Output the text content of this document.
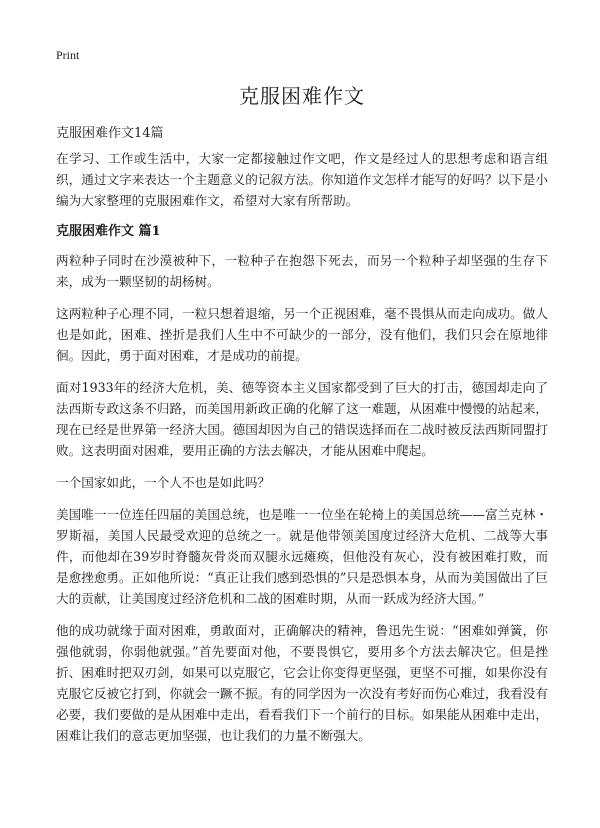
Print
克服困难作文

克服困难作文14篇

在学习、工作或生活中，大家一定都接触过作文吧，作文是经过人的思想考虑和语言组织，通过文字来表达一个主题意义的记叙方法。你知道作文怎样才能写的好吗？以下是小编为大家整理的克服困难作文，希望对大家有所帮助。

克服困难作文 篇1

两粒种子同时在沙漠被种下，一粒种子在抱怨下死去，而另一个粒种子却坚强的生存下来，成为一颗坚韧的胡杨树。

这两粒种子心理不同，一粒只想着退缩，另一个正视困难，毫不畏惧从而走向成功。做人也是如此，困难、挫折是我们人生中不可缺少的一部分，没有他们，我们只会在原地徘徊。因此，勇于面对困难，才是成功的前提。

面对1933年的经济大危机，美、德等资本主义国家都受到了巨大的打击，德国却走向了法西斯专政这条不归路，而美国用新政正确的化解了这一难题，从困难中慢慢的站起来，现在已经是世界第一经济大国。德国却因为自己的错误选择而在二战时被反法西斯同盟打败。这表明面对困难，要用正确的方法去解决，才能从困难中爬起。

一个国家如此，一个人不也是如此吗？

美国唯一一位连任四届的美国总统，也是唯一一位坐在轮椅上的美国总统——富兰克林・罗斯福，美国人民最受欢迎的总统之一。就是他带领美国度过经济大危机、二战等大事件，而他却在39岁时脊髓灰骨炎而双腿永远瘫痪，但他没有灰心，没有被困难打败，而是愈挫愈勇。正如他所说：“真正让我们感到恐惧的”只是恐惧本身，从而为美国做出了巨大的贡献，让美国度过经济危机和二战的困难时期，从而一跃成为经济大国。”

他的成功就缘于面对困难，勇敢面对，正确解决的精神，鲁迅先生说：“困难如弹簧，你强他就弱，你弱他就强。”首先要面对他，不要畏惧它，要用多个方法去解决它。但是挫折、困难时把双刃剑，如果可以克服它，它会让你变得更坚强，更坚不可摧，如果你没有克服它反被它打到，你就会一蹶不振。有的同学因为一次没有考好而伤心难过，我看没有必要，我们要做的是从困难中走出，看看我们下一个前行的目标。如果能从困难中走出，困难让我们的意志更加坚强，也让我们的力量不断强大。
